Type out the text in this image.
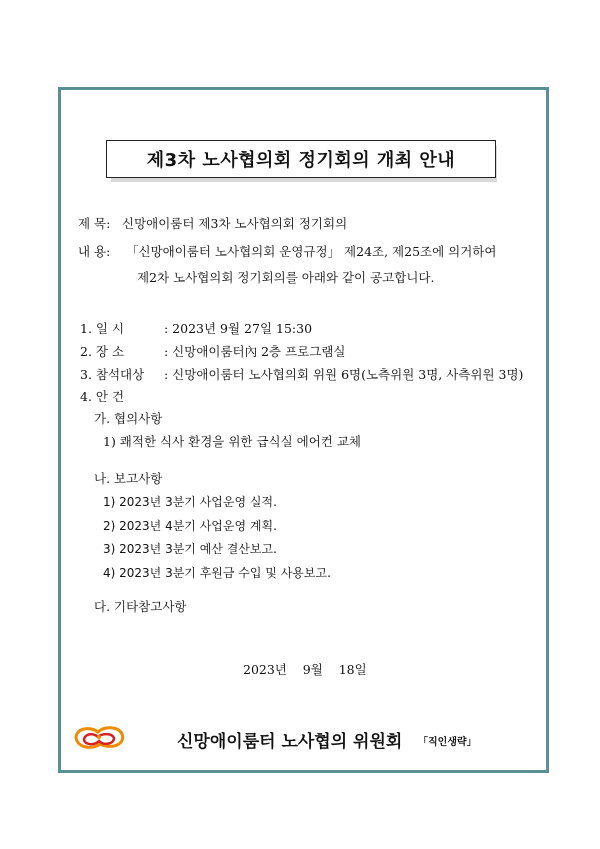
제3차 노사협의회 정기회의 개최 안내
제 목: 신망애이룸터 제3차 노사협의회 정기회의
내 용: 「신망애이룸터 노사협의회 운영규정」 제24조, 제25조에 의거하여
제2차 노사협의회 정기회의를 아래와 같이 공고합니다.
1. 일 시	: 2023년 9월 27일 15:30
2. 장 소	: 신망애이룸터內 2층 프로그램실
3. 참석대상 : 신망애이룸터 노사협의회 위원 6명(노측위원 3명, 사측위원 3명)
4. 안 건
가. 협의사항
1) 쾌적한 식사 환경을 위한 급식실 에어컨 교체
나. 보고사항
1) 2023년 3분기 사업운영 실적.
2) 2023년 4분기 사업운영 계획.
3) 2023년 3분기 예산 결산보고.
4) 2023년 3분기 후원금 수입 및 사용보고.
다. 기타참고사항
2023년    9월    18일
신망애이룸터 노사협의 위원회 「직인생략」
